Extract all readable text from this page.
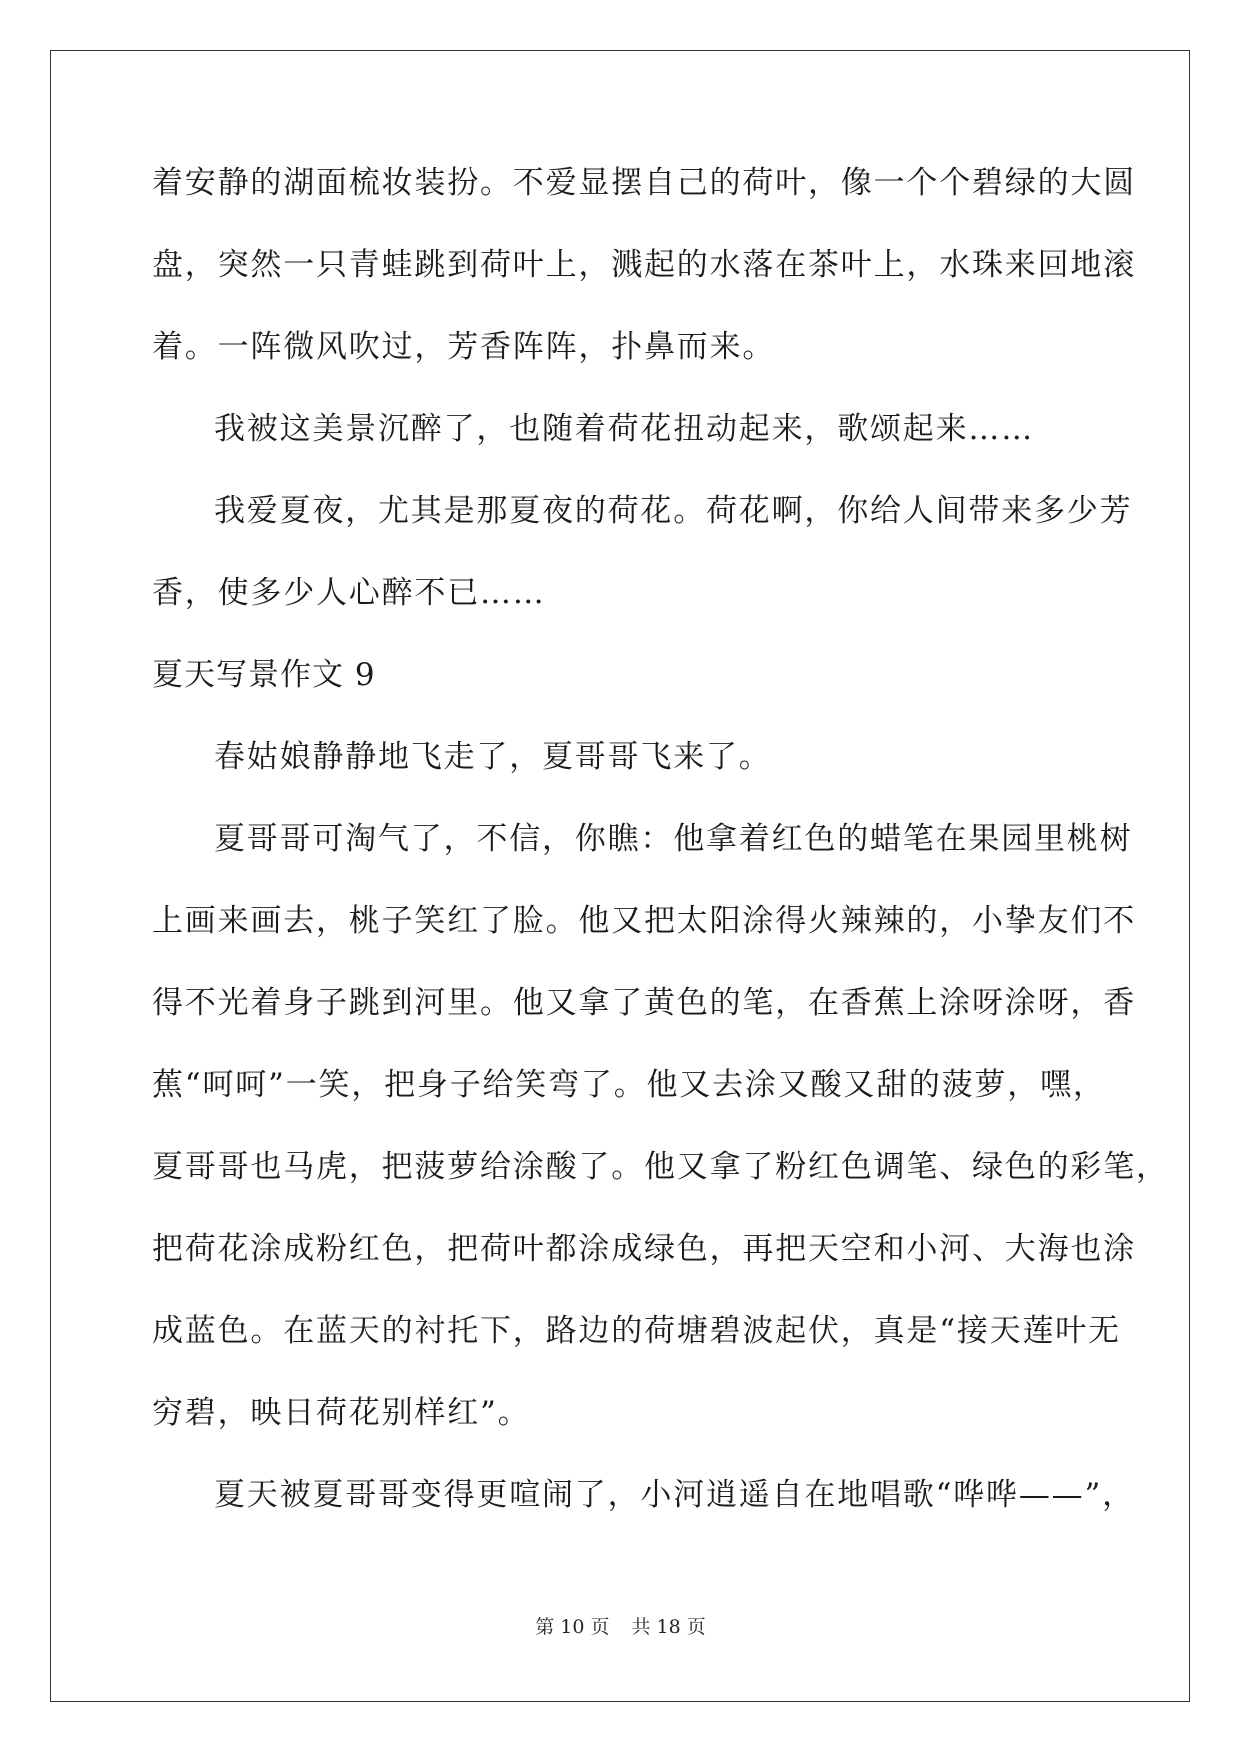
着安静的湖面梳妆装扮。不爱显摆自己的荷叶，像一个个碧绿的大圆
盘，突然一只青蛙跳到荷叶上，溅起的水落在茶叶上，水珠来回地滚
着。一阵微风吹过，芳香阵阵，扑鼻而来。
我被这美景沉醉了，也随着荷花扭动起来，歌颂起来……
我爱夏夜，尤其是那夏夜的荷花。荷花啊，你给人间带来多少芳
香，使多少人心醉不已……
夏天写景作文 9
春姑娘静静地飞走了，夏哥哥飞来了。
夏哥哥可淘气了，不信，你瞧：他拿着红色的蜡笔在果园里桃树
上画来画去，桃子笑红了脸。他又把太阳涂得火辣辣的，小挚友们不
得不光着身子跳到河里。他又拿了黄色的笔，在香蕉上涂呀涂呀，香
蕉“呵呵”一笑，把身子给笑弯了。他又去涂又酸又甜的菠萝，嘿，
夏哥哥也马虎，把菠萝给涂酸了。他又拿了粉红色调笔、绿色的彩笔，
把荷花涂成粉红色，把荷叶都涂成绿色，再把天空和小河、大海也涂
成蓝色。在蓝天的衬托下，路边的荷塘碧波起伏，真是“接天莲叶无
穷碧，映日荷花别样红”。
夏天被夏哥哥变得更喧闹了，小河逍遥自在地唱歌“哗哗——”，
第 10 页 共 18 页
